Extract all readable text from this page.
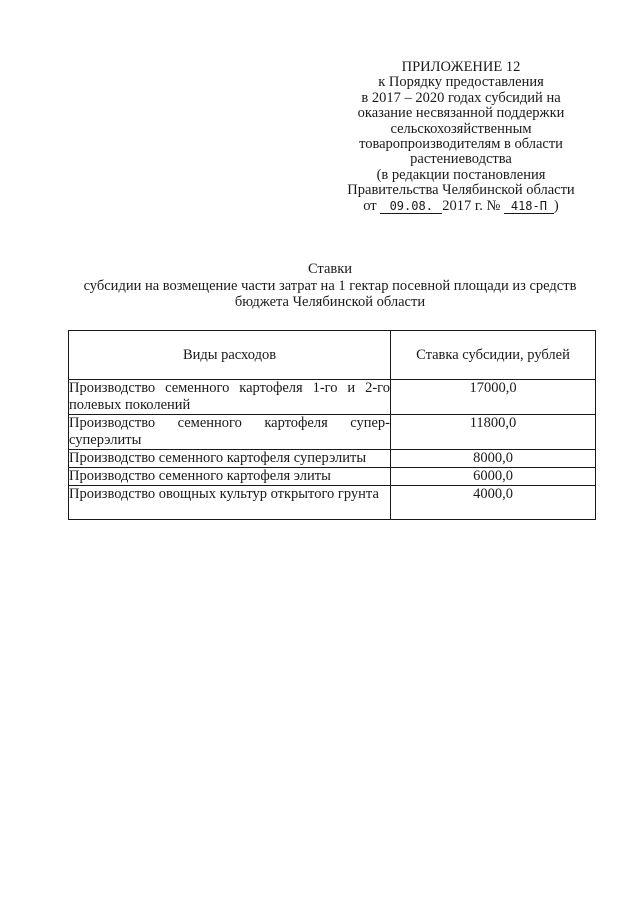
ПРИЛОЖЕНИЕ 12
к Порядку предоставления
в 2017 – 2020 годах субсидий на
оказание несвязанной поддержки
сельскохозяйственным
товаропроизводителям в области
растениеводства
(в редакции постановления
Правительства Челябинской области
от 09.08. 2017 г. № 418-П )
Ставки
субсидии на возмещение части затрат на 1 гектар посевной площади из средств
бюджета Челябинской области
Виды расходов	Ставка субсидии, рублей
Производство семенного картофеля 1-го и 2-го полевых поколений	17000,0
Производство семенного картофеля супер-суперэлиты	11800,0
Производство семенного картофеля суперэлиты	8000,0
Производство семенного картофеля элиты	6000,0
Производство овощных культур открытого грунта	4000,0
